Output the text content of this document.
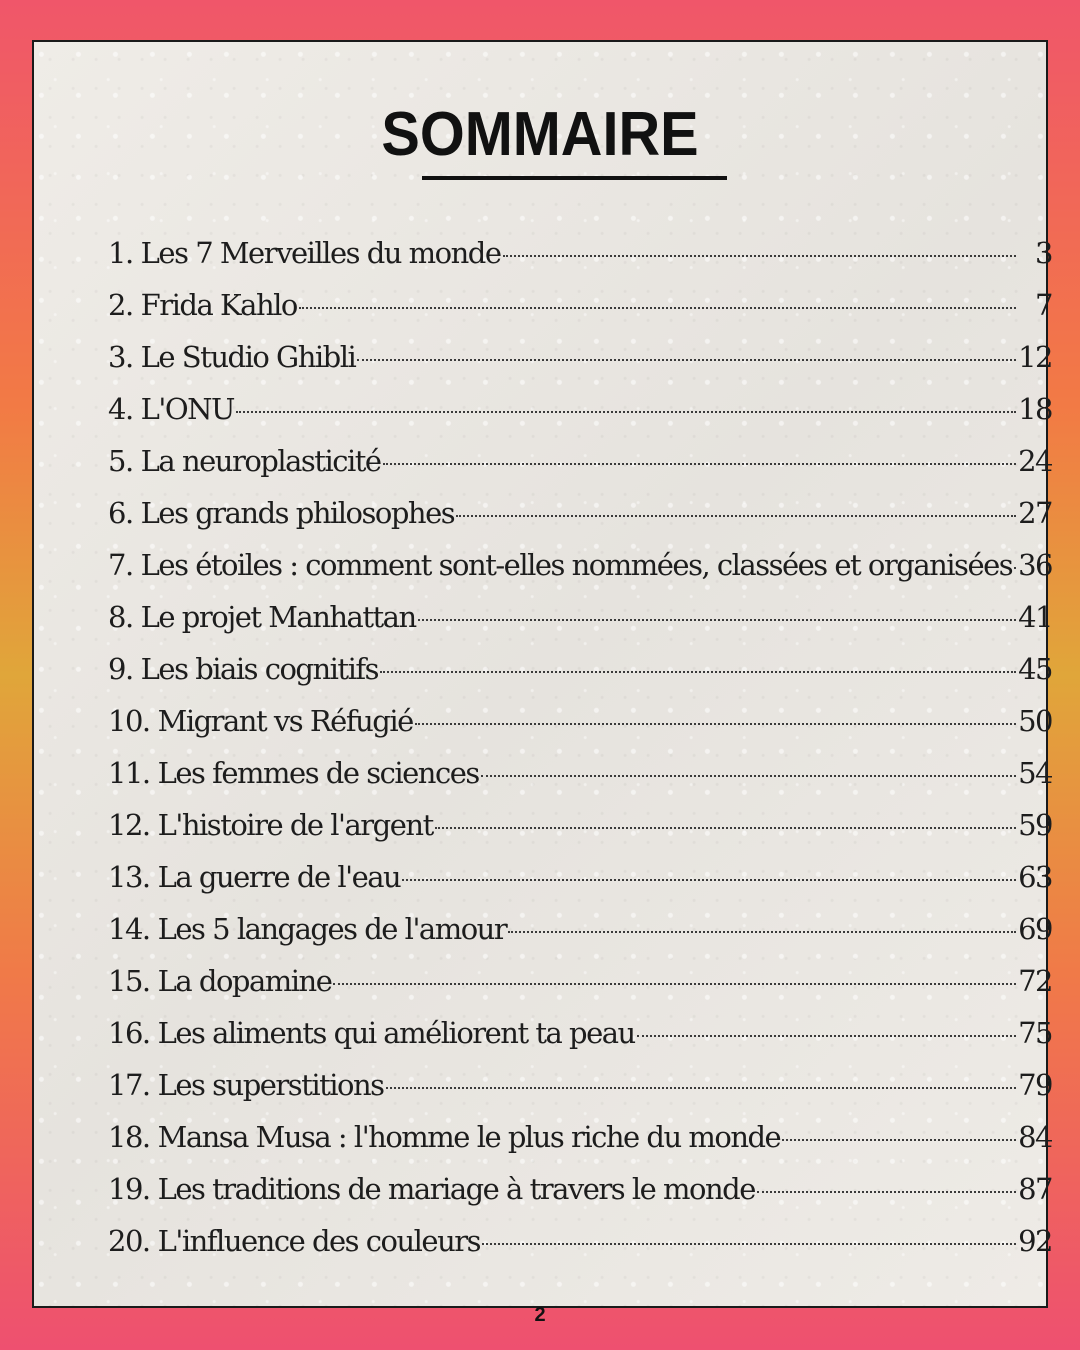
SOMMAIRE
1. Les 7 Merveilles du monde	3
2. Frida Kahlo	7
3. Le Studio Ghibli	12
4. L'ONU	18
5. La neuroplasticité	24
6. Les grands philosophes	27
7. Les étoiles : comment sont-elles nommées, classées et organisées 36
8. Le projet Manhattan	41
9. Les biais cognitifs	45
10. Migrant vs Réfugié	50
11. Les femmes de sciences	54
12. L'histoire de l'argent	59
13. La guerre de l'eau	63
14. Les 5 langages de l'amour	69
15. La dopamine	72
16. Les aliments qui améliorent ta peau	75
17. Les superstitions	79
18. Mansa Musa : l'homme le plus riche du monde	84
19. Les traditions de mariage à travers le monde	87
20. L'influence des couleurs	92
2
